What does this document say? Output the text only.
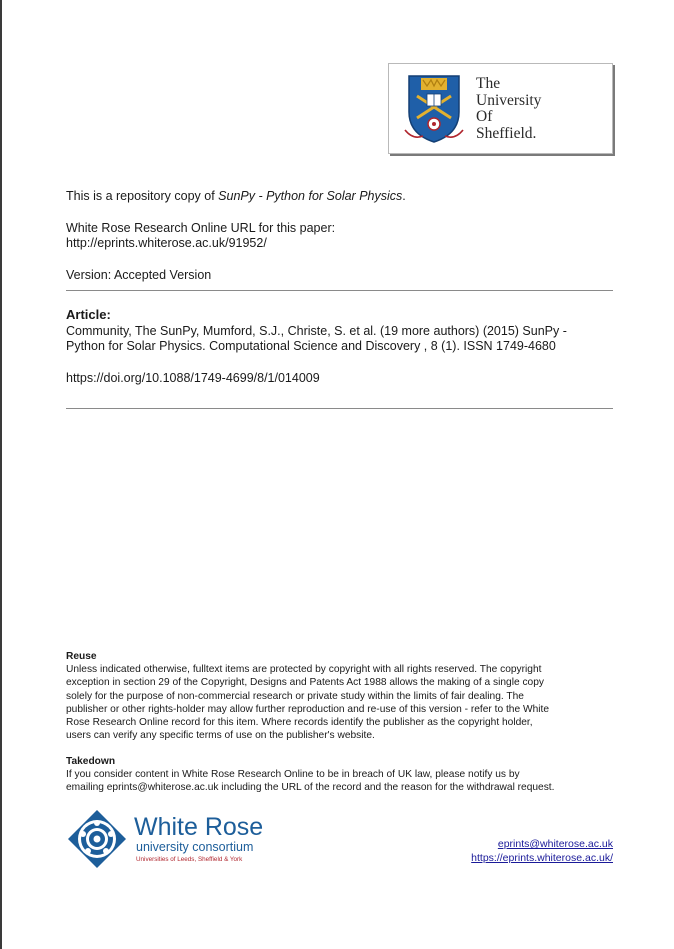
The
University
Of
Sheffield.
This is a repository copy of SunPy - Python for Solar Physics.
White Rose Research Online URL for this paper:
http://eprints.whiterose.ac.uk/91952/
Version: Accepted Version
Article:
Community, The SunPy, Mumford, S.J., Christe, S. et al. (19 more authors) (2015) SunPy -
Python for Solar Physics. Computational Science and Discovery , 8 (1). ISSN 1749-4680
https://doi.org/10.1088/1749-4699/8/1/014009
Reuse
Unless indicated otherwise, fulltext items are protected by copyright with all rights reserved. The copyright
exception in section 29 of the Copyright, Designs and Patents Act 1988 allows the making of a single copy
solely for the purpose of non-commercial research or private study within the limits of fair dealing. The
publisher or other rights-holder may allow further reproduction and re-use of this version - refer to the White
Rose Research Online record for this item. Where records identify the publisher as the copyright holder,
users can verify any specific terms of use on the publisher's website.
Takedown
If you consider content in White Rose Research Online to be in breach of UK law, please notify us by
emailing eprints@whiterose.ac.uk including the URL of the record and the reason for the withdrawal request.
White Rose
university consortium
Universities of Leeds, Sheffield & York
eprints@whiterose.ac.uk
https://eprints.whiterose.ac.uk/
